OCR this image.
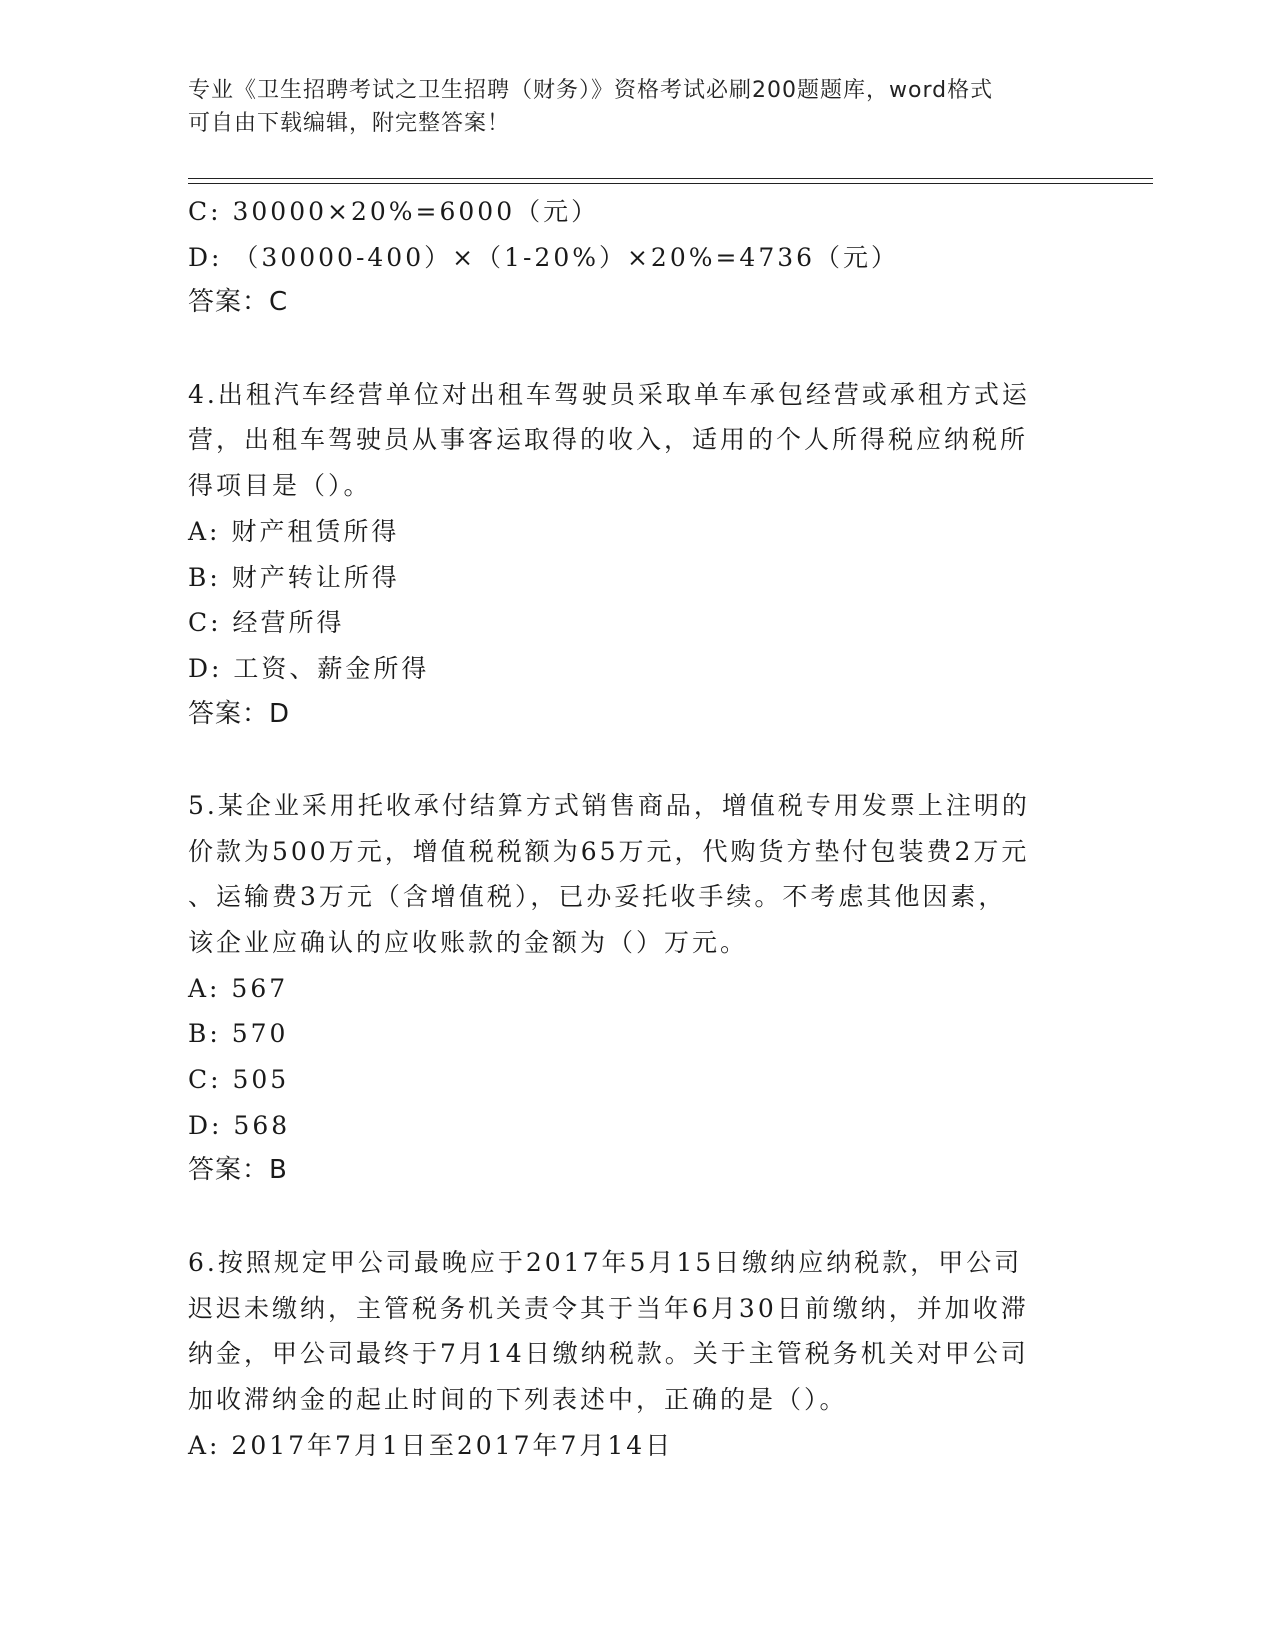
专业《卫生招聘考试之卫生招聘（财务）》资格考试必刷200题题库，word格式
可自由下载编辑，附完整答案！
C: 30000×20%=6000（元）
D: （30000-400）×（1-20%）×20%=4736（元）
答案：C
4.出租汽车经营单位对出租车驾驶员采取单车承包经营或承租方式运
营，出租车驾驶员从事客运取得的收入，适用的个人所得税应纳税所
得项目是（）。
A: 财产租赁所得
B: 财产转让所得
C: 经营所得
D: 工资、薪金所得
答案：D
5.某企业采用托收承付结算方式销售商品，增值税专用发票上注明的
价款为500万元，增值税税额为65万元，代购货方垫付包装费2万元
、运输费3万元（含增值税），已办妥托收手续。不考虑其他因素，
该企业应确认的应收账款的金额为（）万元。
A: 567
B: 570
C: 505
D: 568
答案：B
6.按照规定甲公司最晚应于2017年5月15日缴纳应纳税款，甲公司
迟迟未缴纳，主管税务机关责令其于当年6月30日前缴纳，并加收滞
纳金，甲公司最终于7月14日缴纳税款。关于主管税务机关对甲公司
加收滞纳金的起止时间的下列表述中，正确的是（）。
A: 2017年7月1日至2017年7月14日
